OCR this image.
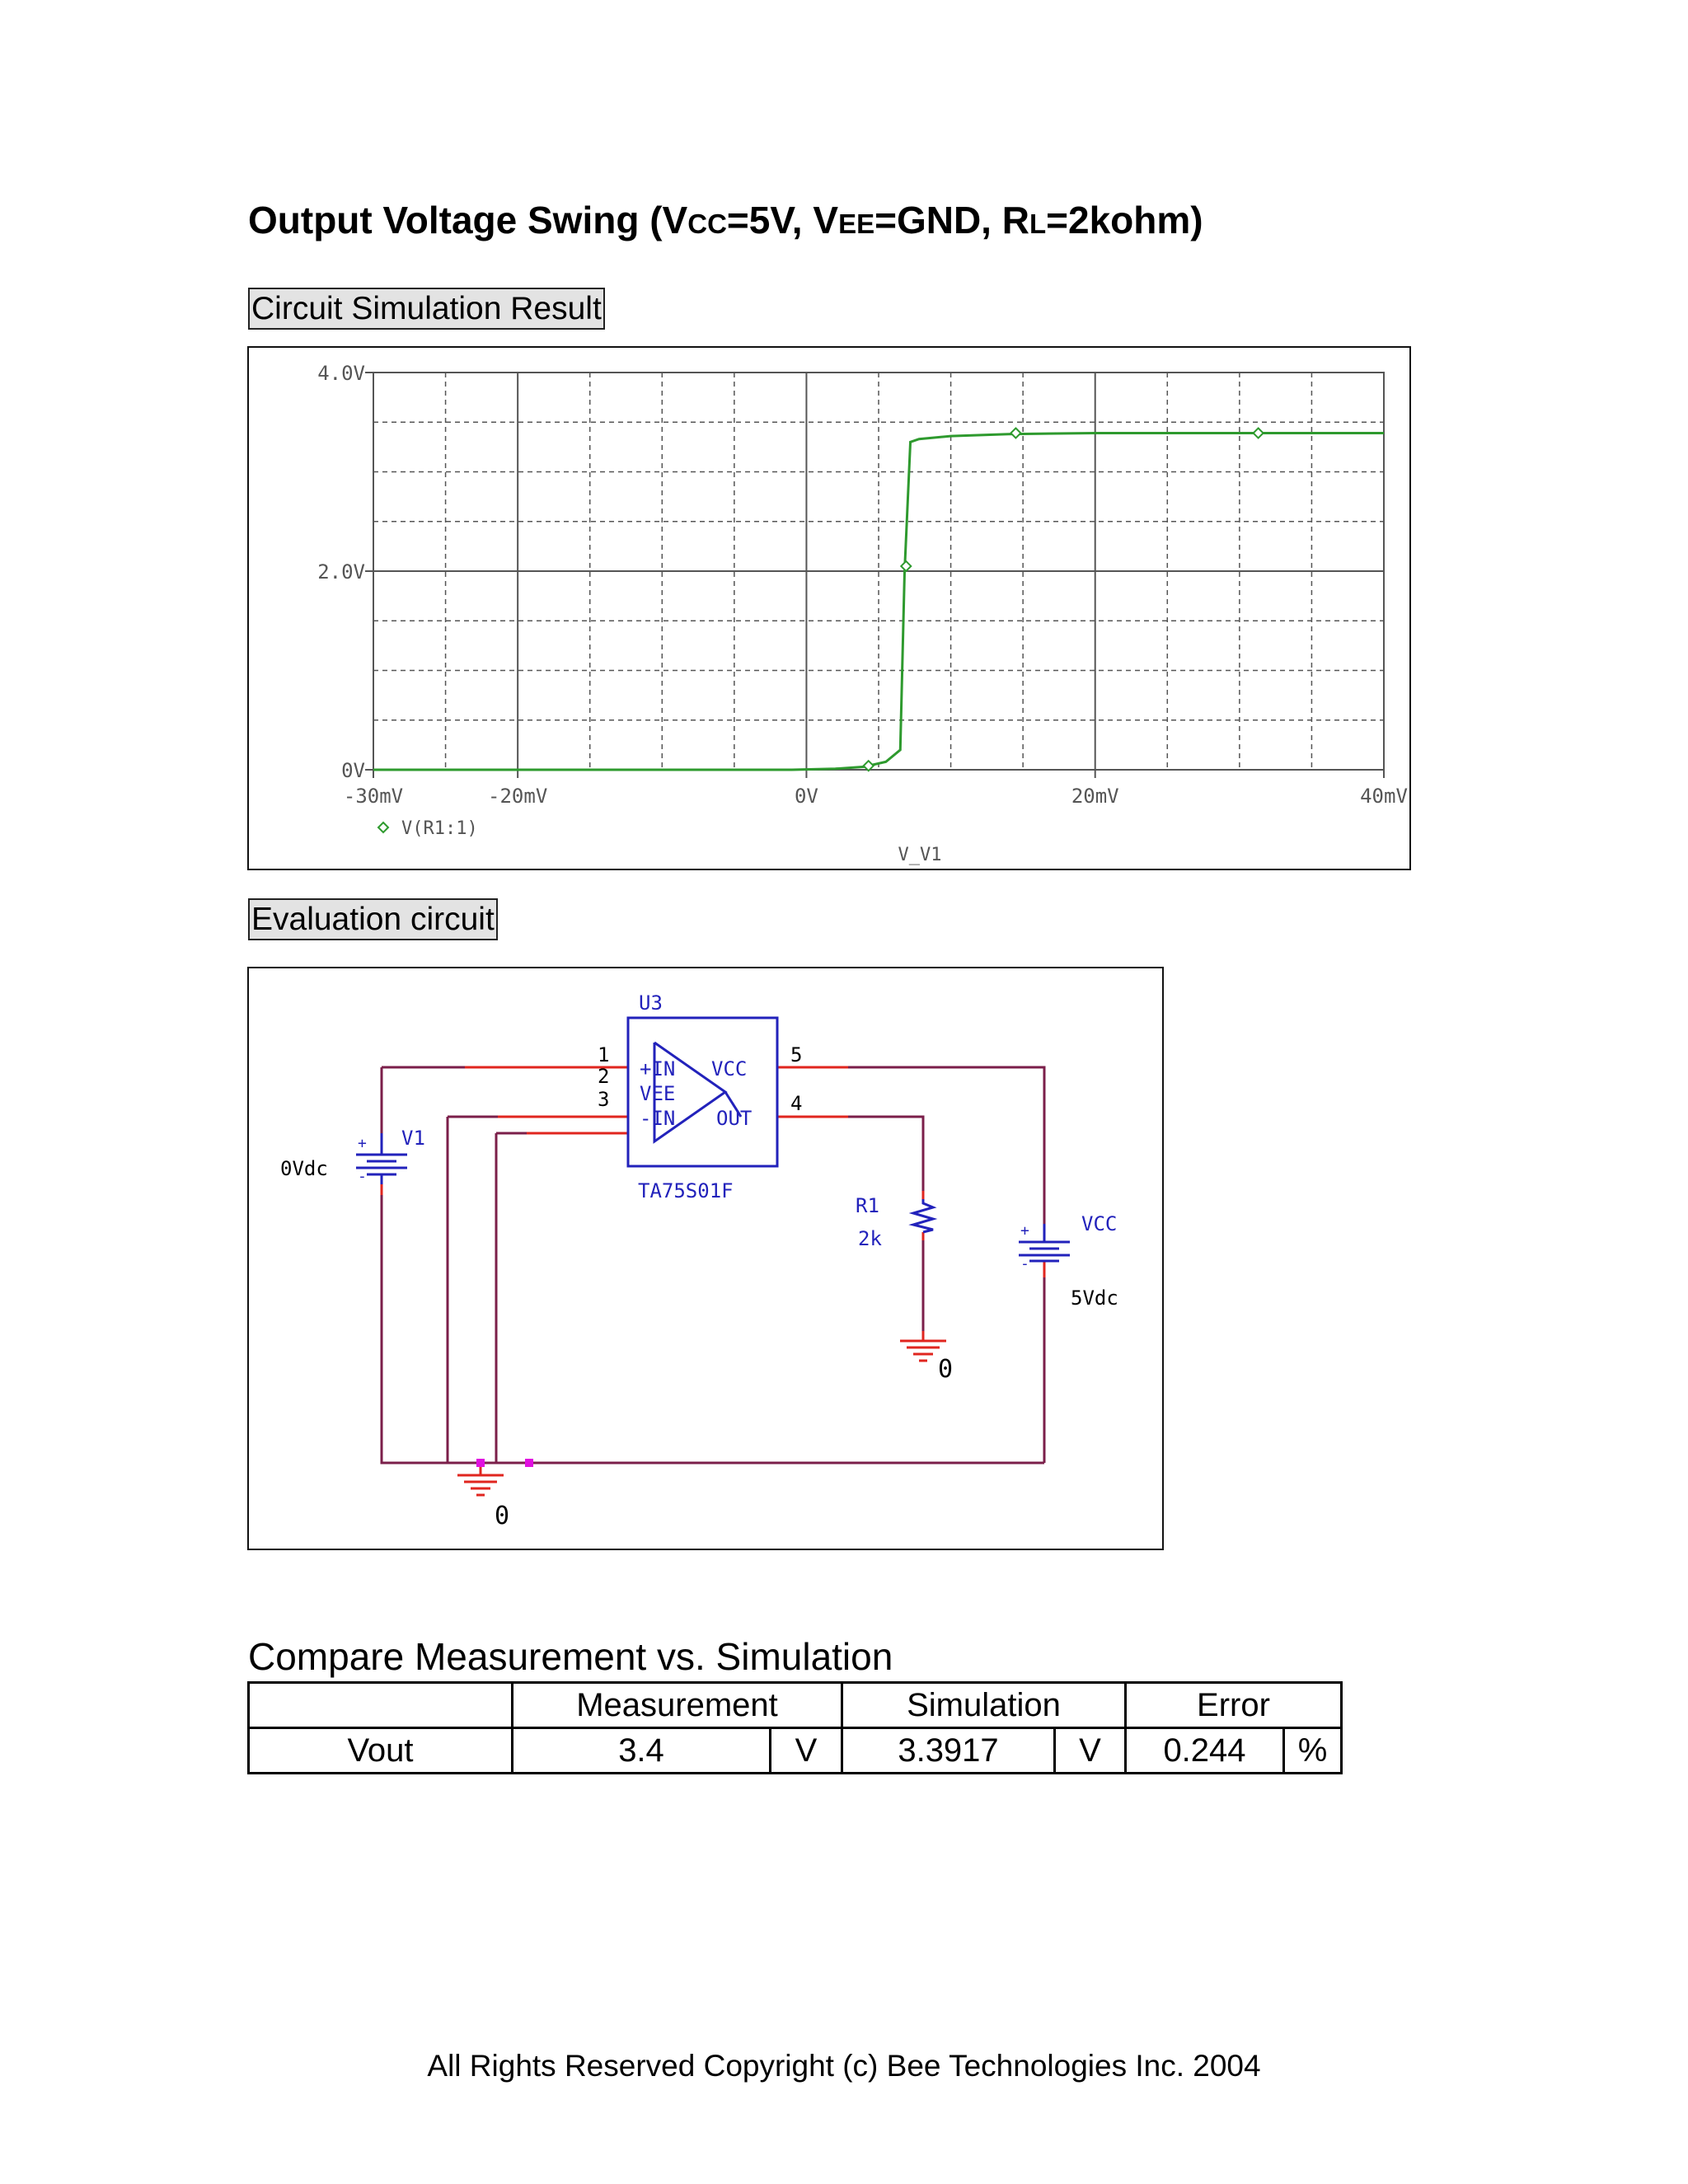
Output Voltage Swing (VCC=5V, VEE=GND, RL=2kohm)
Circuit Simulation Result
-30mV	-20mV	0V	20mV	40mV
0V
2.0V
4.0V
V(R1:1)
V_V1
Evaluation circuit
+
-
+
-
U3
1
2
3
5
4
+IN
VEE
-IN
VCC
OUT
TA75S01F
V1
0Vdc
R1
2k
VCC
5Vdc
0
0
Compare Measurement vs. Simulation
	Measurement		Simulation		Error	
Vout	3.4	V	3.3917	V	0.244	%
All Rights Reserved Copyright (c) Bee Technologies Inc. 2004
